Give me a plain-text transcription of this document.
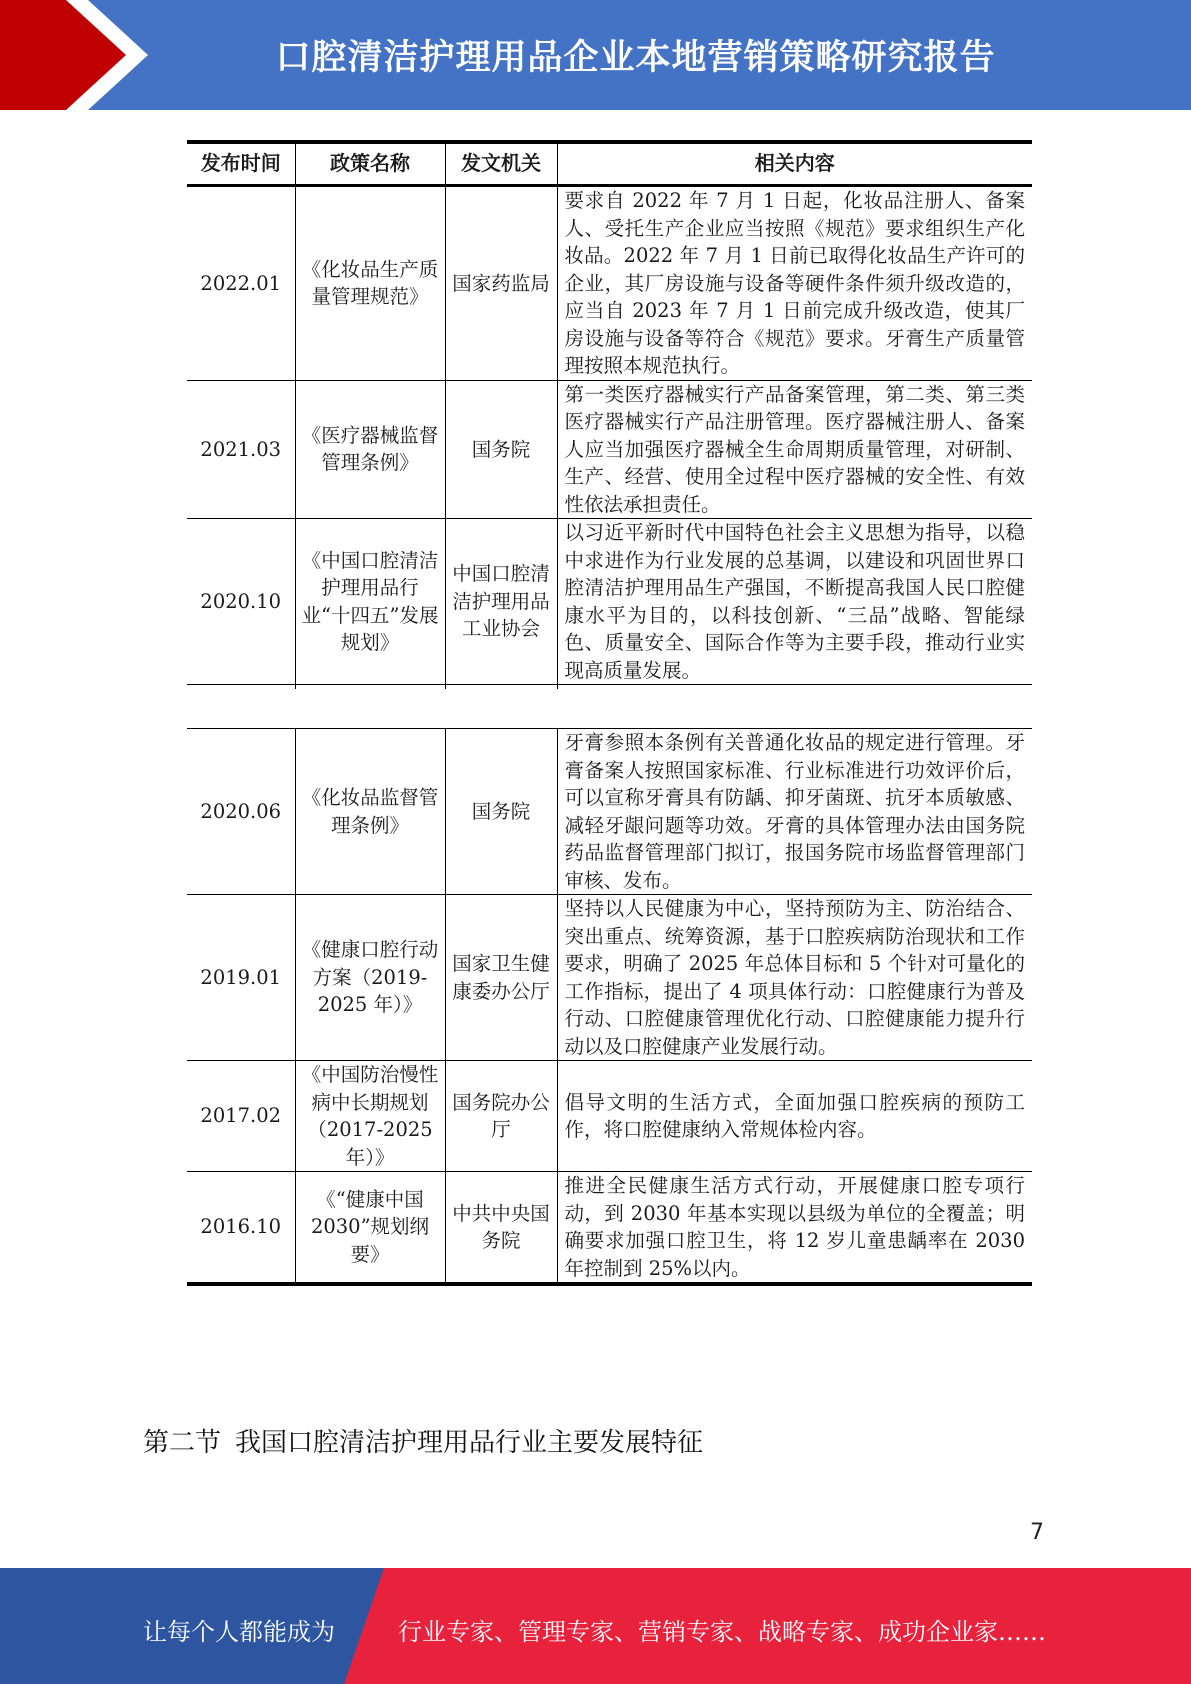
口腔清洁护理用品企业本地营销策略研究报告
发布时间	政策名称	发文机关	相关内容
2022.01	《化妆品生产质量管理规范》	国家药监局	要求自 2022 年 7 月 1 日起，化妆品注册人、备案人、受托生产企业应当按照《规范》要求组织生产化妆品。2022 年 7 月 1 日前已取得化妆品生产许可的企业，其厂房设施与设备等硬件条件须升级改造的，应当自 2023 年 7 月 1 日前完成升级改造，使其厂房设施与设备等符合《规范》要求。牙膏生产质量管理按照本规范执行。
2021.03	《医疗器械监督管理条例》	国务院	第一类医疗器械实行产品备案管理，第二类、第三类医疗器械实行产品注册管理。医疗器械注册人、备案人应当加强医疗器械全生命周期质量管理，对研制、生产、经营、使用全过程中医疗器械的安全性、有效性依法承担责任。
2020.10	《中国口腔清洁护理用品行业“十四五”发展规划》	中国口腔清洁护理用品工业协会	以习近平新时代中国特色社会主义思想为指导，以稳中求进作为行业发展的总基调，以建设和巩固世界口腔清洁护理用品生产强国，不断提高我国人民口腔健康水平为目的，以科技创新、“三品”战略、智能绿色、质量安全、国际合作等为主要手段，推动行业实现高质量发展。

2020.06	《化妆品监督管理条例》	国务院	牙膏参照本条例有关普通化妆品的规定进行管理。牙膏备案人按照国家标准、行业标准进行功效评价后，可以宣称牙膏具有防龋、抑牙菌斑、抗牙本质敏感、减轻牙龈问题等功效。牙膏的具体管理办法由国务院药品监督管理部门拟订，报国务院市场监督管理部门审核、发布。
2019.01	《健康口腔行动方案（2019-2025 年）》	国家卫生健康委办公厅	坚持以人民健康为中心，坚持预防为主、防治结合、突出重点、统筹资源，基于口腔疾病防治现状和工作要求，明确了 2025 年总体目标和 5 个针对可量化的工作指标，提出了 4 项具体行动：口腔健康行为普及行动、口腔健康管理优化行动、口腔健康能力提升行动以及口腔健康产业发展行动。
2017.02	《中国防治慢性病中长期规划（2017-2025 年）》	国务院办公厅	倡导文明的生活方式，全面加强口腔疾病的预防工作，将口腔健康纳入常规体检内容。
2016.10	《“健康中国 2030”规划纲要》	中共中央国务院	推进全民健康生活方式行动，开展健康口腔专项行动，到 2030 年基本实现以县级为单位的全覆盖；明确要求加强口腔卫生，将 12 岁儿童患龋率在 2030 年控制到 25%以内。
第二节 我国口腔清洁护理用品行业主要发展特征
7
让每个人都能成为	行业专家、管理专家、营销专家、战略专家、成功企业家……
